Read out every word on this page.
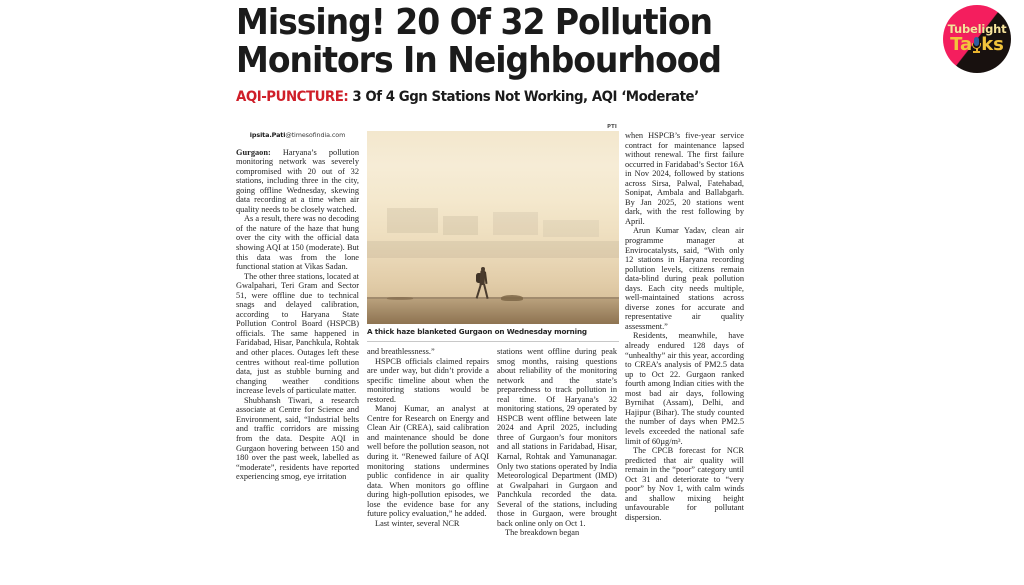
Tubelight
Ta ks
Missing! 20 Of 32 Pollution
Monitors In Neighbourhood
AQI-PUNCTURE: 3 Of 4 Ggn Stations Not Working, AQI ‘Moderate’
PTI
A thick haze blanketed Gurgaon on Wednesday morning
ipsita.Pati@timesofindia.com

Gurgaon: Haryana’s pollution monitoring network was severely compromised with 20 out of 32 stations, including three in the city, going offline Wednesday, skewing data recording at a time when air quality needs to be closely watched.

As a result, there was no decoding of the nature of the haze that hung over the city with the official data showing AQI at 150 (moderate). But this data was from the lone functional station at Vikas Sadan.

The other three stations, located at Gwalpahari, Teri Gram and Sector 51, were offline due to technical snags and delayed calibration, according to Haryana State Pollution Control Board (HSPCB) officials. The same happened in Faridabad, Hisar, Panchkula, Rohtak and other places. Outages left these centres without real-time pollution data, just as stubble burning and changing weather conditions increase levels of particulate matter.

Shubhansh Tiwari, a research associate at Centre for Science and Environment, said, “Industrial belts and traffic corridors are missing from the data. Despite AQI in Gurgaon hovering between 150 and 180 over the past week, labelled as “moderate”, residents have reported experiencing smog, eye irritation

and breathlessness.”

HSPCB officials claimed repairs are under way, but didn’t provide a specific timeline about when the monitoring stations would be restored.

Manoj Kumar, an analyst at Centre for Research on Energy and Clean Air (CREA), said calibration and maintenance should be done well before the pollution season, not during it. “Renewed failure of AQI monitoring stations undermines public confidence in air quality data. When monitors go offline during high-pollution episodes, we lose the evidence base for any future policy evaluation,” he added.

Last winter, several NCR

stations went offline during peak smog months, raising questions about reliability of the monitoring network and the state’s preparedness to track pollution in real time. Of Haryana’s 32 monitoring stations, 29 operated by HSPCB went offline between late 2024 and April 2025, including three of Gurgaon’s four monitors and all stations in Faridabad, Hisar, Karnal, Rohtak and Yamunanagar. Only two stations operated by India Meteorological Department (IMD) at Gwalpahari in Gurgaon and Panchkula recorded the data. Several of the stations, including those in Gurgaon, were brought back online only on Oct 1.

The breakdown began

when HSPCB’s five-year service contract for maintenance lapsed without renewal. The first failure occurred in Faridabad’s Sector 16A in Nov 2024, followed by stations across Sirsa, Palwal, Fatehabad, Sonipat, Ambala and Ballabgarh. By Jan 2025, 20 stations went dark, with the rest following by April.

Arun Kumar Yadav, clean air programme manager at Envirocatalysts, said, “With only 12 stations in Haryana recording pollution levels, citizens remain data-blind during peak pollution days. Each city needs multiple, well-maintained stations across diverse zones for accurate and representative air quality assessment.”

Residents, meanwhile, have already endured 128 days of “unhealthy” air this year, according to CREA’s analysis of PM2.5 data up to Oct 22. Gurgaon ranked fourth among Indian cities with the most bad air days, following Byrnihat (Assam), Delhi, and Hajipur (Bihar). The study counted the number of days when PM2.5 levels exceeded the national safe limit of 60µg/m³.

The CPCB forecast for NCR predicted that air quality will remain in the “poor” category until Oct 31 and deteriorate to “very poor” by Nov 1, with calm winds and shallow mixing height unfavourable for pollutant dispersion.
